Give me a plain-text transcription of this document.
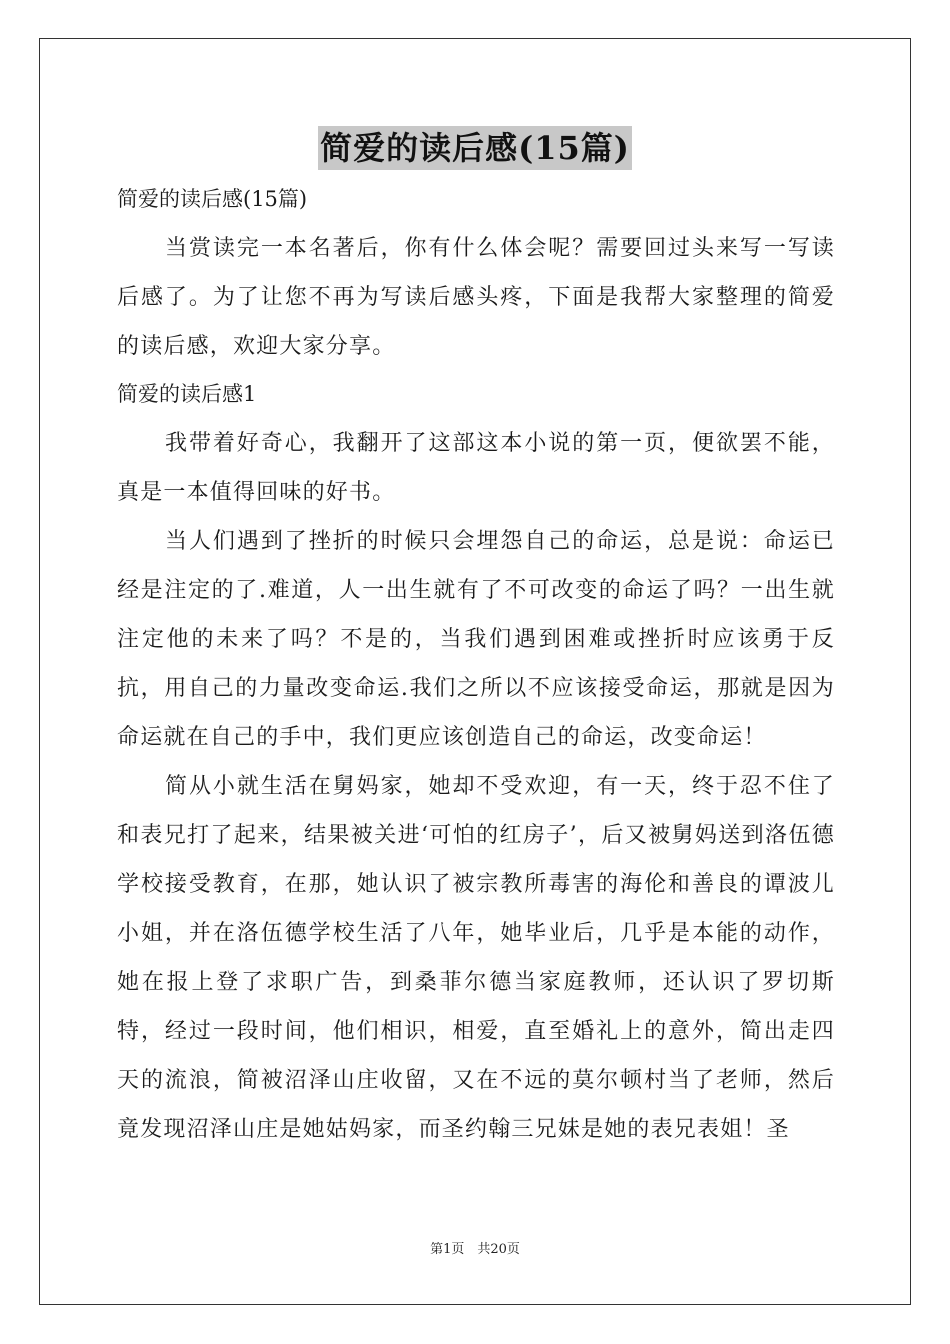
简爱的读后感(15篇)
简爱的读后感(15篇)

当赏读完一本名著后，你有什么体会呢？需要回过头来写一写读后感了。为了让您不再为写读后感头疼，下面是我帮大家整理的简爱的读后感，欢迎大家分享。

简爱的读后感1

我带着好奇心，我翻开了这部这本小说的第一页，便欲罢不能，真是一本值得回味的好书。

当人们遇到了挫折的时候只会埋怨自己的命运，总是说：命运已经是注定的了.难道，人一出生就有了不可改变的命运了吗？一出生就注定他的未来了吗？不是的，当我们遇到困难或挫折时应该勇于反抗，用自己的力量改变命运.我们之所以不应该接受命运，那就是因为命运就在自己的手中，我们更应该创造自己的命运，改变命运！

简从小就生活在舅妈家，她却不受欢迎，有一天，终于忍不住了和表兄打了起来，结果被关进‘可怕的红房子’，后又被舅妈送到洛伍德学校接受教育，在那，她认识了被宗教所毒害的海伦和善良的谭波儿小姐，并在洛伍德学校生活了八年，她毕业后，几乎是本能的动作，她在报上登了求职广告，到桑菲尔德当家庭教师，还认识了罗切斯特，经过一段时间，他们相识，相爱，直至婚礼上的意外，简出走四天的流浪，简被沼泽山庄收留，又在不远的莫尔顿村当了老师，然后竟发现沼泽山庄是她姑妈家，而圣约翰三兄妹是她的表兄表姐！圣

第1页　共20页
